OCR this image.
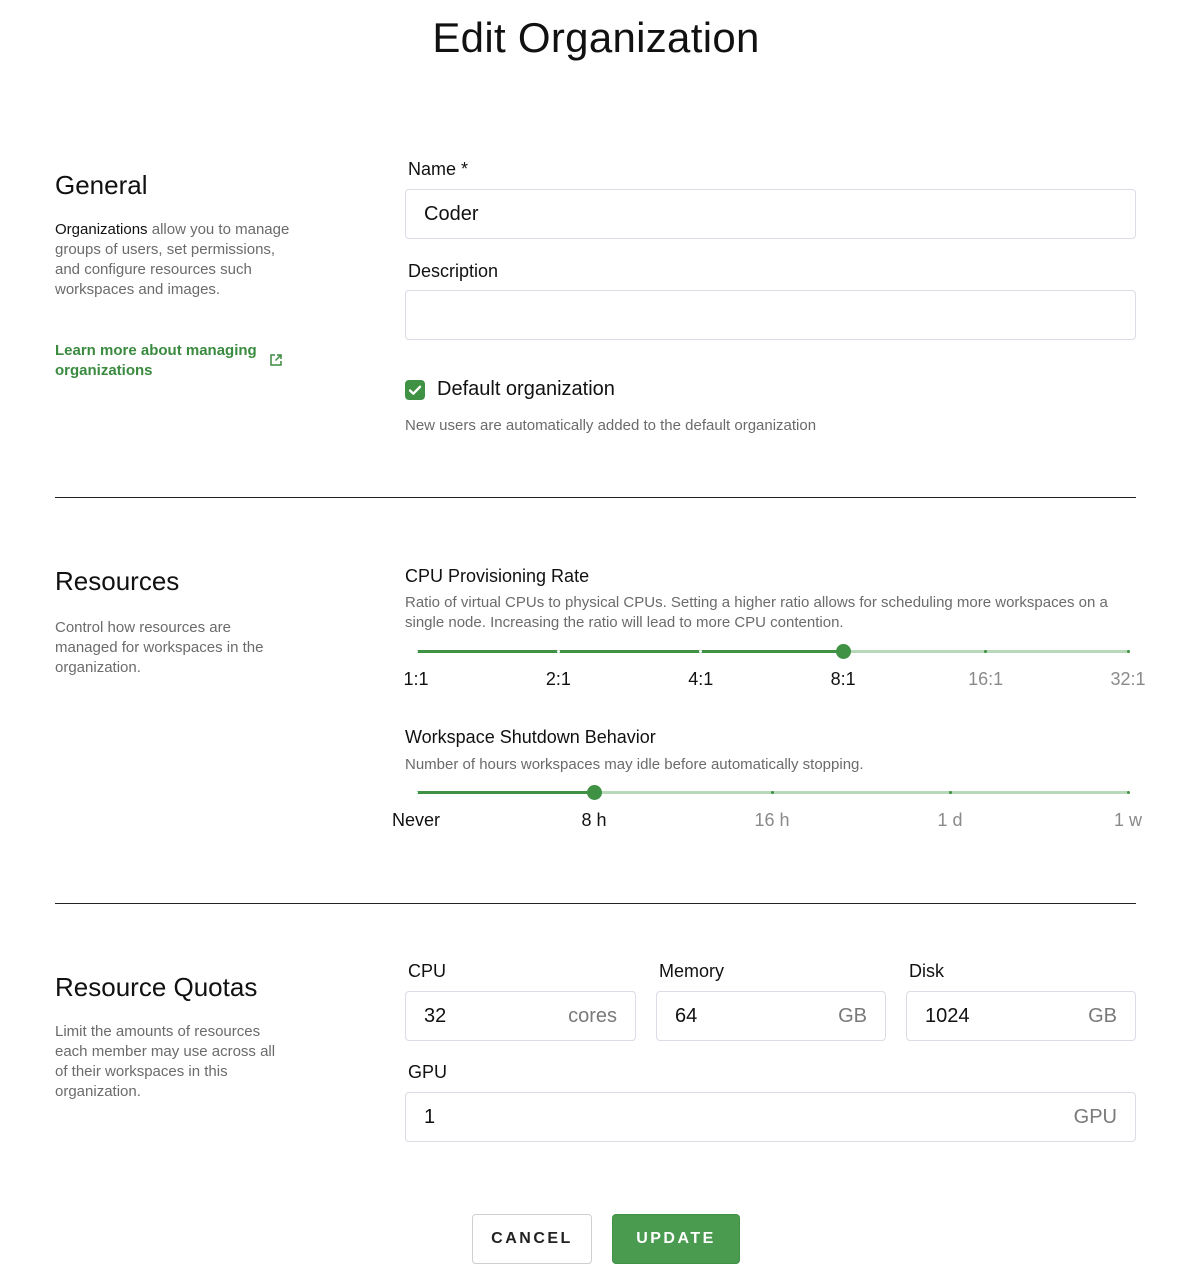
Edit Organization
General
Organizations allow you to manage groups of users, set permissions, and configure resources such workspaces and images.
Learn more about managing organizations
Name *
Coder
Description
Default organization
New users are automatically added to the default organization
Resources
Control how resources are managed for workspaces in the organization.
CPU Provisioning Rate
Ratio of virtual CPUs to physical CPUs. Setting a higher ratio allows for scheduling more workspaces on a single node. Increasing the ratio will lead to more CPU contention.
1:1	2:1	4:1	8:1	16:1	32:1
Workspace Shutdown Behavior
Number of hours workspaces may idle before automatically stopping.
Never	8 h	16 h	1 d	1 w
Resource Quotas
Limit the amounts of resources each member may use across all of their workspaces in this organization.
CPU
32	cores
Memory
64	GB
Disk
1024	GB
GPU
1	GPU
CANCEL	UPDATE
